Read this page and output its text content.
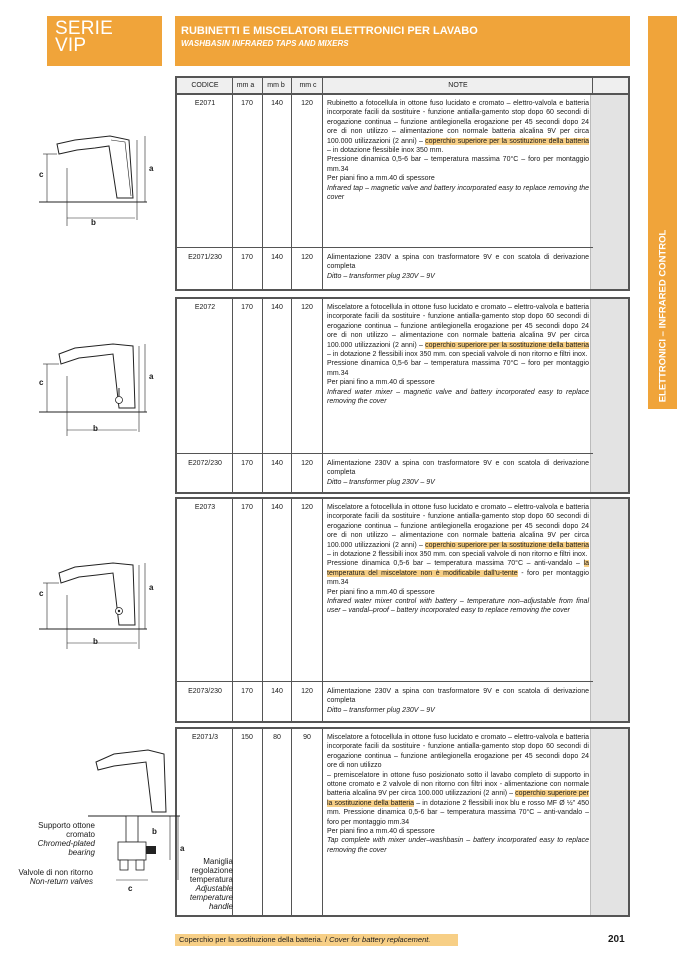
SERIE
VIP
RUBINETTI E MISCELATORI ELETTRONICI PER LAVABO
WASHBASIN INFRARED TAPS AND MIXERS
ELETTRONICI – INFRARED CONTROL
CODICE	mm a	mm b	mm c	NOTE
E2071	170	140	120	Rubinetto a fotocellula in ottone fuso lucidato e cromato – elettro-valvola e batteria incorporate facili da sostituire - funzione antialla-gamento stop dopo 60 secondi di erogazione continua – funzione antilegionella erogazione per 45 secondi dopo 24 ore di non utilizzo – alimentazione con normale batteria alcalina 9V per circa 100.000 utilizzazioni (2 anni) – coperchio superiore per la sostituzione della batteria – in dotazione flessibile inox 350 mm.
Pressione dinamica 0,5-6 bar – temperatura massima 70°C – foro per montaggio mm.34
Per piani fino a mm.40 di spessore
Infrared tap – magnetic valve and battery incorporated easy to replace removing the cover
E2071/230	170	140	120	Alimentazione 230V a spina con trasformatore 9V e con scatola di derivazione completa
Ditto – transformer plug 230V – 9V
E2072	170	140	120	Miscelatore a fotocellula in ottone fuso lucidato e cromato – elettro-valvola e batteria incorporate facili da sostituire - funzione antialla-gamento stop dopo 60 secondi di erogazione continua – funzione antilegionella erogazione per 45 secondi dopo 24 ore di non utilizzo – alimentazione con normale batteria alcalina 9V per circa 100.000 utilizzazioni (2 anni) – coperchio superiore per la sostituzione della batteria – in dotazione 2 flessibili inox 350 mm. con speciali valvole di non ritorno e filtri inox.
Pressione dinamica 0,5-6 bar – temperatura massima 70°C – foro per montaggio mm.34
Per piani fino a mm.40 di spessore
Infrared water mixer – magnetic valve and battery incorporated easy to replace removing the cover
E2072/230	170	140	120	Alimentazione 230V a spina con trasformatore 9V e con scatola di derivazione completa
Ditto – transformer plug 230V – 9V
E2073	170	140	120	Miscelatore a fotocellula in ottone fuso lucidato e cromato – elettro-valvola e batteria incorporate facili da sostituire - funzione antialla-gamento stop dopo 60 secondi di erogazione continua – funzione antilegionella erogazione per 45 secondi dopo 24 ore di non utilizzo – alimentazione con normale batteria alcalina 9V per circa 100.000 utilizzazioni (2 anni) – coperchio superiore per la sostituzione della batteria – in dotazione 2 flessibili inox 350 mm. con speciali valvole di non ritorno e filtri inox.
Pressione dinamica 0,5-6 bar – temperatura massima 70°C – anti-vandalo – la temperatura del miscelatore non è modificabile dall'u-tente - foro per montaggio mm.34
Per piani fino a mm.40 di spessore
Infrared water mixer control with battery – temperature non–adjustable from final user – vandal–proof – battery incorporated easy to replace removing the cover
E2073/230	170	140	120	Alimentazione 230V a spina con trasformatore 9V e con scatola di derivazione completa
Ditto – transformer plug 230V – 9V
E2071/3	150	80	90	Miscelatore a fotocellula in ottone fuso lucidato e cromato – elettro-valvola e batteria incorporate facili da sostituire - funzione antialla-gamento stop dopo 60 secondi di erogazione continua – funzione antilegionella erogazione per 45 secondi dopo 24 ore di non utilizzo
– premiscelatore in ottone fuso posizionato sotto il lavabo completo di supporto in ottone cromato e 2 valvole di non ritorno con filtri inox - alimentazione con normale batteria alcalina 9V per circa 100.000 utilizzazioni (2 anni) – coperchio superiore per la sostituzione della batteria – in dotazione 2 flessibili inox blu e rosso MF Ø ½" 450 mm. Pressione dinamica 0,5-6 bar – temperatura massima 70°C – anti-vandalo – foro per montaggio mm.34
Per piani fino a mm.40 di spessore
Tap complete with mixer under–washbasin – battery incorporated easy to replace removing the cover
a
b
c
a
b
c
a
b
c
b
a
c
Supporto ottone cromato
Chromed-plated bearing
Valvole di non ritorno
Non-return valves
Maniglia regolazione temperatura
Adjustable temperature handle
Coperchio per la sostituzione della batteria. / Cover for battery replacement.	201
